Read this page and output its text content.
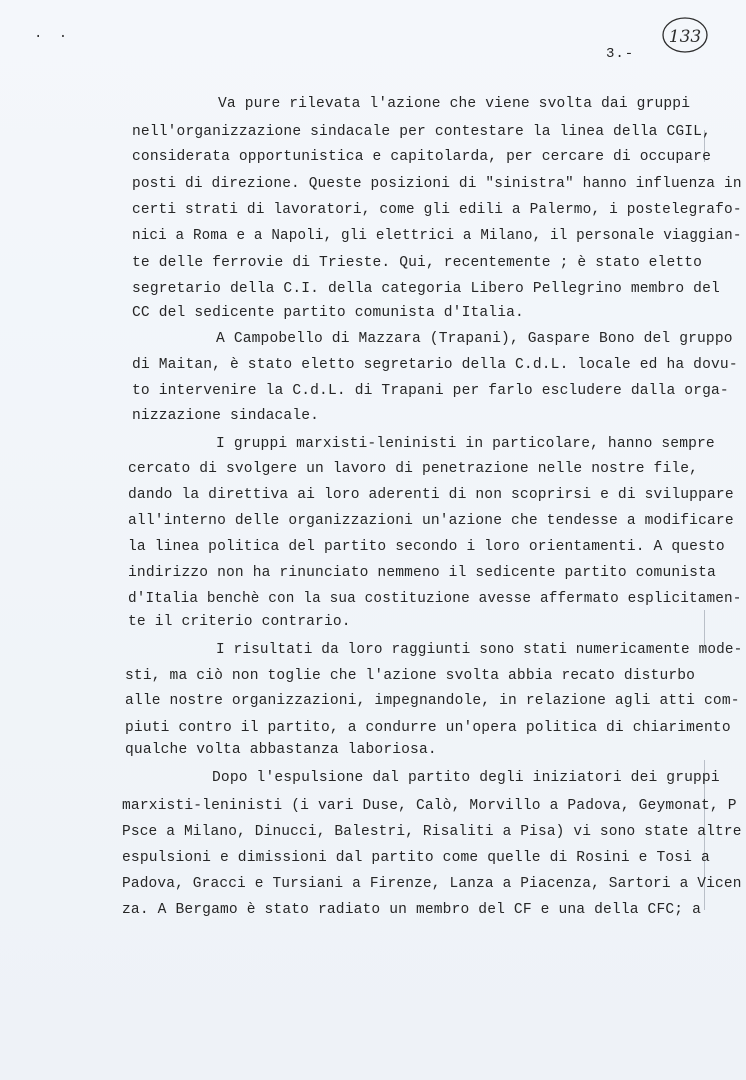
. .	133
3.-
Va pure rilevata l'azione che viene svolta dai gruppi
nell'organizzazione sindacale per contestare la linea della CGIL,
considerata opportunistica e capitolarda, per cercare di occupare
posti di direzione. Queste posizioni di "sinistra" hanno influenza in
certi strati di lavoratori, come gli edili a Palermo, i postelegrafo-
nici a Roma e a Napoli, gli elettrici a Milano, il personale viaggian-
te delle ferrovie di Trieste. Qui, recentemente ; è stato eletto
segretario della C.I. della categoria Libero Pellegrino membro del
CC del sedicente partito comunista d'Italia.
A Campobello di Mazzara (Trapani), Gaspare Bono del gruppo
di Maitan, è stato eletto segretario della C.d.L. locale ed ha dovu-
to intervenire la C.d.L. di Trapani per farlo escludere dalla orga-
nizzazione sindacale.
I gruppi marxisti-leninisti in particolare, hanno sempre
cercato di svolgere un lavoro di penetrazione nelle nostre file,
dando la direttiva ai loro aderenti di non scoprirsi e di sviluppare
all'interno delle organizzazioni un'azione che tendesse a modificare
la linea politica del partito secondo i loro orientamenti. A questo
indirizzo non ha rinunciato nemmeno il sedicente partito comunista
d'Italia benchè con la sua costituzione avesse affermato esplicitamen-
te il criterio contrario.
I risultati da loro raggiunti sono stati numericamente mode-
sti, ma ciò non toglie che l'azione svolta abbia recato disturbo
alle nostre organizzazioni, impegnandole, in relazione agli atti com-
piuti contro il partito, a condurre un'opera politica di chiarimento
qualche volta abbastanza laboriosa.
Dopo l'espulsione dal partito degli iniziatori dei gruppi
marxisti-leninisti (i vari Duse, Calò, Morvillo a Padova, Geymonat, P
Psce a Milano, Dinucci, Balestri, Risaliti a Pisa) vi sono state altre
espulsioni e dimissioni dal partito come quelle di Rosini e Tosi a
Padova, Gracci e Tursiani a Firenze, Lanza a Piacenza, Sartori a Vicen
za. A Bergamo è stato radiato un membro del CF e una della CFC; a
